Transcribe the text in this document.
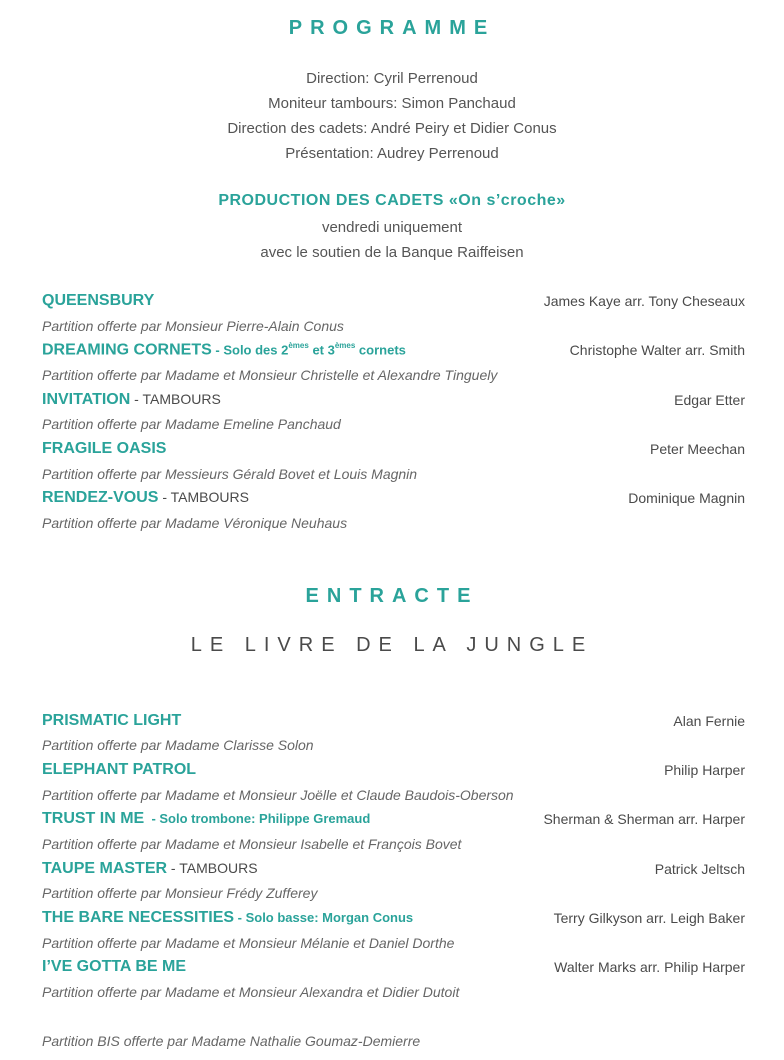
PROGRAMME
Direction: Cyril Perrenoud
Moniteur tambours: Simon Panchaud
Direction des cadets: André Peiry et Didier Conus
Présentation: Audrey Perrenoud
PRODUCTION DES CADETS «On s’croche»
vendredi uniquement
avec le soutien de la Banque Raiffeisen
QUEENSBURY	James Kaye arr. Tony Cheseaux
Partition offerte par Monsieur Pierre-Alain Conus
DREAMING CORNETS - Solo des 2èmes et 3èmes cornets	Christophe Walter arr. Smith
Partition offerte par Madame et Monsieur Christelle et Alexandre Tinguely
INVITATION - TAMBOURS	Edgar Etter
Partition offerte par Madame Emeline Panchaud
FRAGILE OASIS	Peter Meechan
Partition offerte par Messieurs Gérald Bovet et Louis Magnin
RENDEZ-VOUS - TAMBOURS	Dominique Magnin
Partition offerte par Madame Véronique Neuhaus
ENTRACTE
LE LIVRE DE LA JUNGLE
PRISMATIC LIGHT	Alan Fernie
Partition offerte par Madame Clarisse Solon
ELEPHANT PATROL	Philip Harper
Partition offerte par Madame et Monsieur Joëlle et Claude Baudois-Oberson
TRUST IN ME  - Solo trombone: Philippe Gremaud	Sherman & Sherman arr. Harper
Partition offerte par Madame et Monsieur Isabelle et François Bovet
TAUPE MASTER - TAMBOURS	Patrick Jeltsch
Partition offerte par Monsieur Frédy Zufferey
THE BARE NECESSITIES - Solo basse: Morgan Conus	Terry Gilkyson arr. Leigh Baker
Partition offerte par Madame et Monsieur Mélanie et Daniel Dorthe
I’VE GOTTA BE ME	Walter Marks arr. Philip Harper
Partition offerte par Madame et Monsieur Alexandra et Didier Dutoit
Partition BIS offerte par Madame Nathalie Goumaz-Demierre
